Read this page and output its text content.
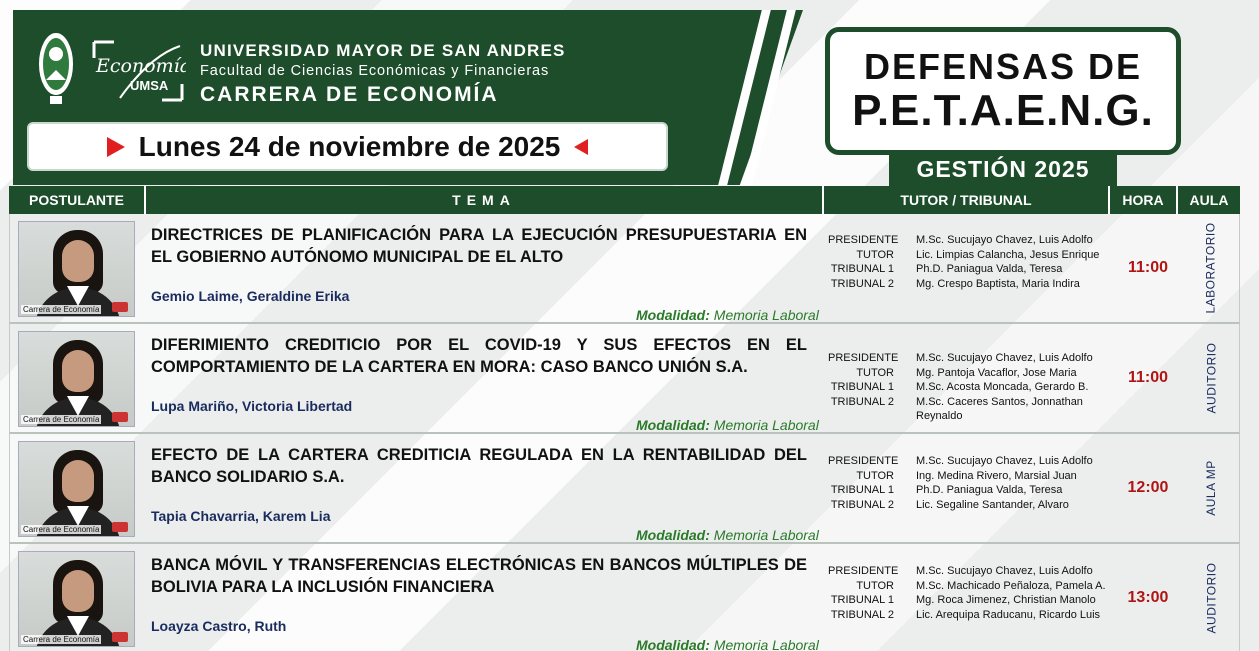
Economía
UMSA
UNIVERSIDAD MAYOR DE SAN ANDRES
Facultad de Ciencias Económicas y Financieras
CARRERA DE ECONOMÍA
Lunes 24 de noviembre de 2025
DEFENSAS DE
P.E.T.A.E.N.G.
GESTIÓN 2025
POSTULANTE	TEMA	TUTOR / TRIBUNAL	HORA	AULA
Carrera de Economía
DIRECTRICES DE PLANIFICACIÓN PARA LA EJECUCIÓN PRESUPUESTARIA EN EL GOBIERNO AUTÓNOMO MUNICIPAL DE EL ALTO
Gemio Laime, Geraldine Erika
Modalidad: Memoria Laboral
PRESIDENTE	M.Sc. Sucujayo Chavez, Luis Adolfo
TUTOR	Lic. Limpias Calancha, Jesus Enrique
TRIBUNAL 1	Ph.D. Paniagua Valda, Teresa
TRIBUNAL 2	Mg. Crespo Baptista, Maria Indira
11:00	LABORATORIO
Carrera de Economía
DIFERIMIENTO CREDITICIO POR EL COVID-19 Y SUS EFECTOS EN EL COMPORTAMIENTO DE LA CARTERA EN MORA: CASO BANCO UNIÓN S.A.
Lupa Mariño, Victoria Libertad
Modalidad: Memoria Laboral
PRESIDENTE	M.Sc. Sucujayo Chavez, Luis Adolfo
TUTOR	Mg. Pantoja Vacaflor, Jose Maria
TRIBUNAL 1	M.Sc. Acosta Moncada, Gerardo B.
TRIBUNAL 2	M.Sc. Caceres Santos, Jonnathan Reynaldo
11:00	AUDITORIO
Carrera de Economía
EFECTO DE LA CARTERA CREDITICIA REGULADA EN LA RENTABILIDAD DEL BANCO SOLIDARIO S.A.
Tapia Chavarria, Karem Lia
Modalidad: Memoria Laboral
PRESIDENTE	M.Sc. Sucujayo Chavez, Luis Adolfo
TUTOR	Ing. Medina Rivero, Marsial Juan
TRIBUNAL 1	Ph.D. Paniagua Valda, Teresa
TRIBUNAL 2	Lic. Segaline Santander, Alvaro
12:00	AULA MP
Carrera de Economía
BANCA MÓVIL Y TRANSFERENCIAS ELECTRÓNICAS EN BANCOS MÚLTIPLES DE BOLIVIA PARA LA INCLUSIÓN FINANCIERA
Loayza Castro, Ruth
Modalidad: Memoria Laboral
PRESIDENTE	M.Sc. Sucujayo Chavez, Luis Adolfo
TUTOR	M.Sc. Machicado Peñaloza, Pamela A.
TRIBUNAL 1	Mg. Roca Jimenez, Christian Manolo
TRIBUNAL 2	Lic. Arequipa Raducanu, Ricardo Luis
13:00	AUDITORIO
